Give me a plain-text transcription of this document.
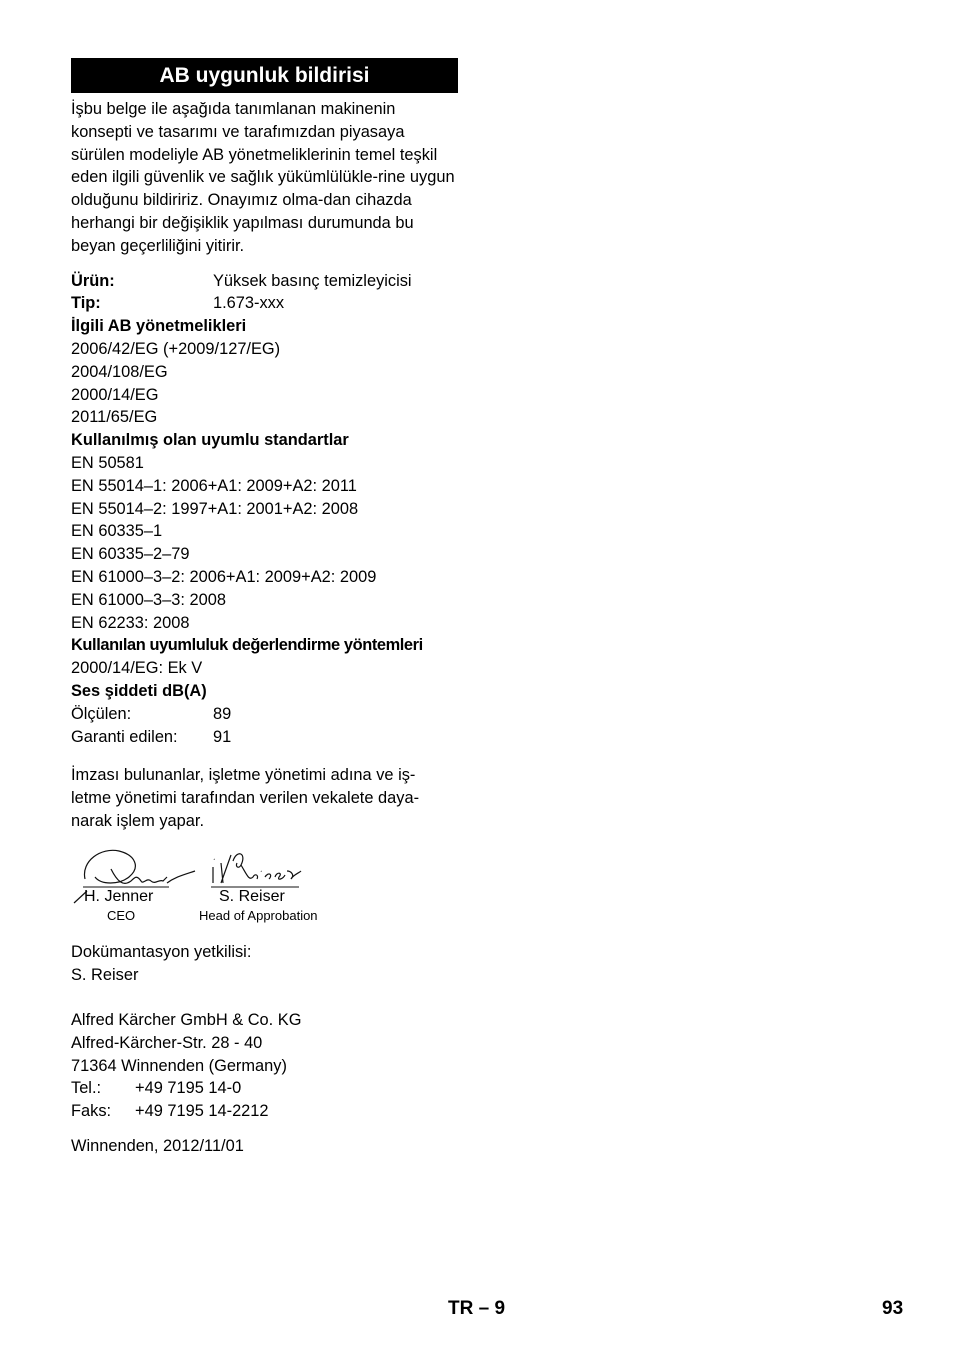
AB uygunluk bildirisi

İşbu belge ile aşağıda tanımlanan makinenin konsepti ve tasarımı ve tarafımızdan piyasaya sürülen modeliyle AB yönetmeliklerinin temel teşkil eden ilgili güvenlik ve sağlık yükümlülükle-rine uygun olduğunu bildiririz. Onayımız olma-dan cihazda herhangi bir değişiklik yapılması durumunda bu beyan geçerliliğini yitirir.

Ürün:	Yüksek basınç temizleyicisi
Tip:	1.673-xxx
İlgili AB yönetmelikleri
2006/42/EG (+2009/127/EG)
2004/108/EG
2000/14/EG
2011/65/EG
Kullanılmış olan uyumlu standartlar
EN 50581
EN 55014–1: 2006+A1: 2009+A2: 2011
EN 55014–2: 1997+A1: 2001+A2: 2008
EN 60335–1
EN 60335–2–79
EN 61000–3–2: 2006+A1: 2009+A2: 2009
EN 61000–3–3: 2008
EN 62233: 2008
Kullanılan uyumluluk değerlendirme yöntemleri
2000/14/EG: Ek V
Ses şiddeti dB(A)
Ölçülen:	89
Garanti edilen:	91
İmzası bulunanlar, işletme yönetimi adına ve iş-
letme yönetimi tarafından verilen vekalete daya-
narak işlem yapar.
H. Jenner
CEO
S. Reiser
Head of Approbation
Dokümantasyon yetkilisi:
S. Reiser
Alfred Kärcher GmbH & Co. KG
Alfred-Kärcher-Str. 28 - 40
71364 Winnenden (Germany)
Tel.:	+49 7195 14-0
Faks:	+49 7195 14-2212
Winnenden, 2012/11/01
TR – 9	93
